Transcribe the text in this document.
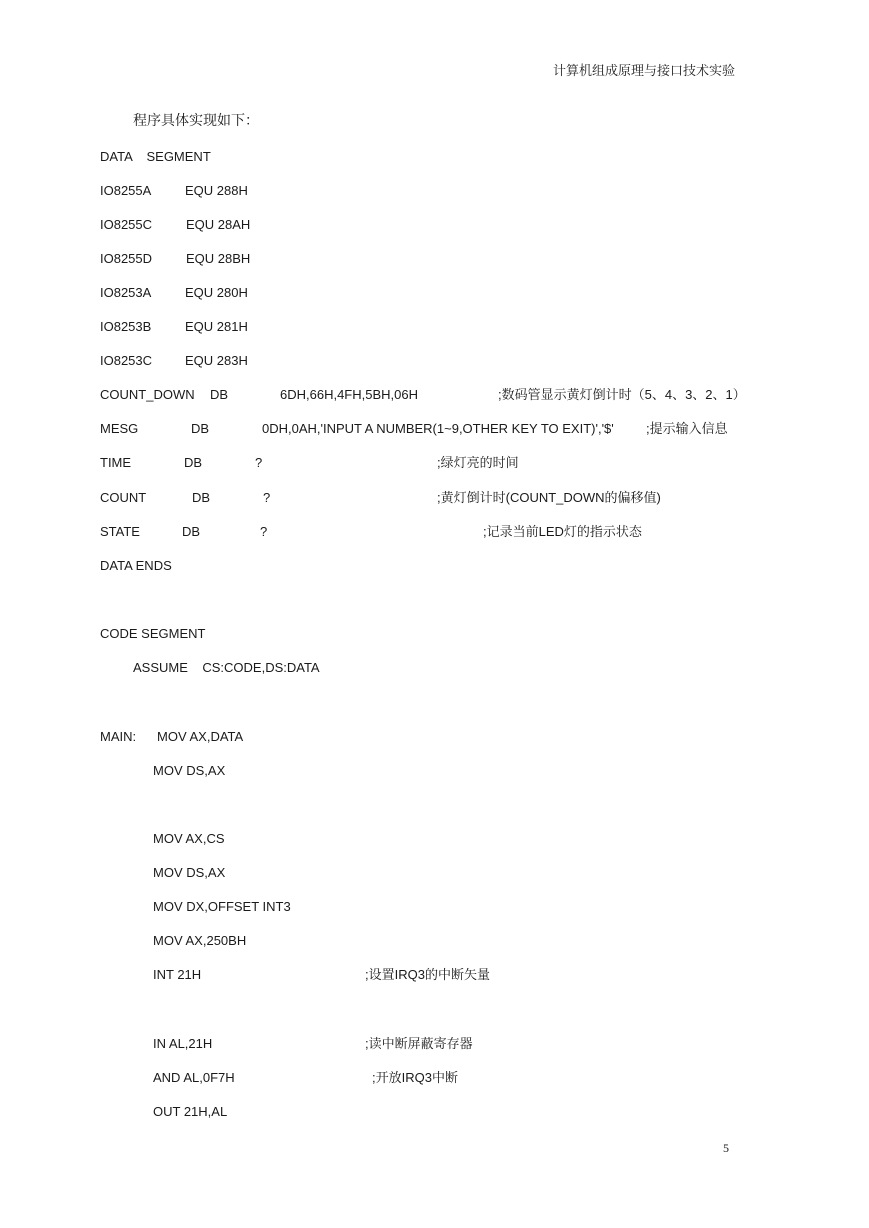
计算机组成原理与接口技术实验
程序具体实现如下：
DATA    SEGMENT
IO8255A	EQU 288H
IO8255C	EQU 28AH
IO8255D	EQU 28BH
IO8253A	EQU 280H
IO8253B	EQU 281H
IO8253C	EQU 283H
COUNT_DOWN DB	6DH,66H,4FH,5BH,06H	;数码管显示黄灯倒计时（5、4、3、2、1）
MESG	DB	0DH,0AH,'INPUT A NUMBER(1~9,OTHER KEY TO EXIT)','$' ;提示输入信息
TIME	DB	?	;绿灯亮的时间
COUNT	DB	?	;黄灯倒计时(COUNT_DOWN的偏移值)
STATE	DB	?	;记录当前LED灯的指示状态
DATA ENDS
CODE SEGMENT
ASSUME    CS:CODE,DS:DATA
MAIN: MOV AX,DATA
MOV DS,AX
MOV AX,CS
MOV DS,AX
MOV DX,OFFSET INT3
MOV AX,250BH
INT 21H	;设置IRQ3的中断矢量
IN AL,21H	;读中断屏蔽寄存器
AND AL,0F7H	;开放IRQ3中断
OUT 21H,AL
5
